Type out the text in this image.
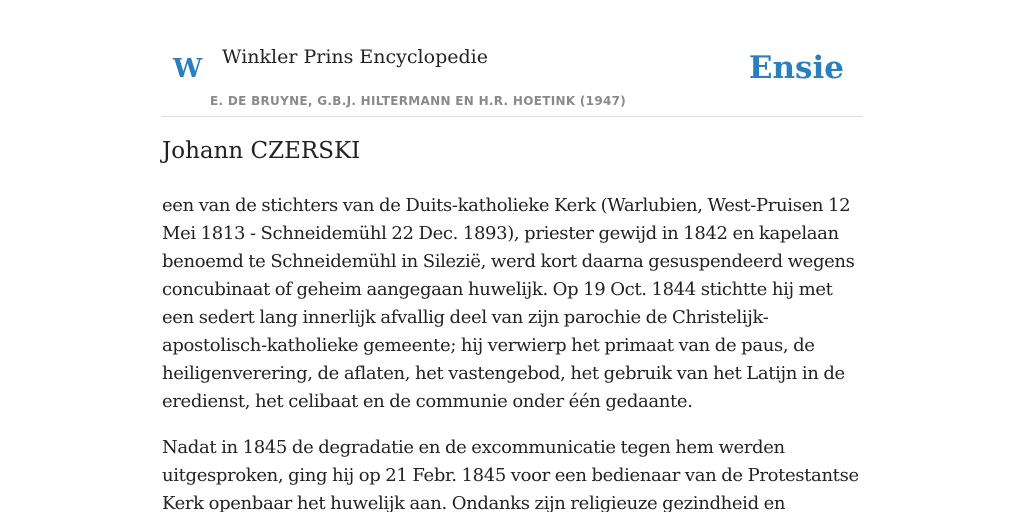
W Winkler Prins Encyclopedie
E. DE BRUYNE, G.B.J. HILTERMANN EN H.R. HOETINK (1947)
Ensie
Johann CZERSKI

een van de stichters van de Duits-katholieke Kerk (Warlubien, West-Pruisen 12 Mei 1813 - Schneidemühl 22 Dec. 1893), priester gewijd in 1842 en kapelaan benoemd te Schneidemühl in Silezië, werd kort daarna gesuspendeerd wegens concubinaat of geheim aangegaan huwelijk. Op 19 Oct. 1844 stichtte hij met een sedert lang innerlijk afvallig deel van zijn parochie de Christelijk-apostolisch-katholieke gemeente; hij verwierp het primaat van de paus, de heiligenverering, de aflaten, het vastengebod, het gebruik van het Latijn in de eredienst, het celibaat en de communie onder één gedaante.

Nadat in 1845 de degradatie en de excommunicatie tegen hem werden uitgesproken, ging hij op 21 Febr. 1845 voor een bedienaar van de Protestantse Kerk openbaar het huwelijk aan. Ondanks zijn religieuze gezindheid en
